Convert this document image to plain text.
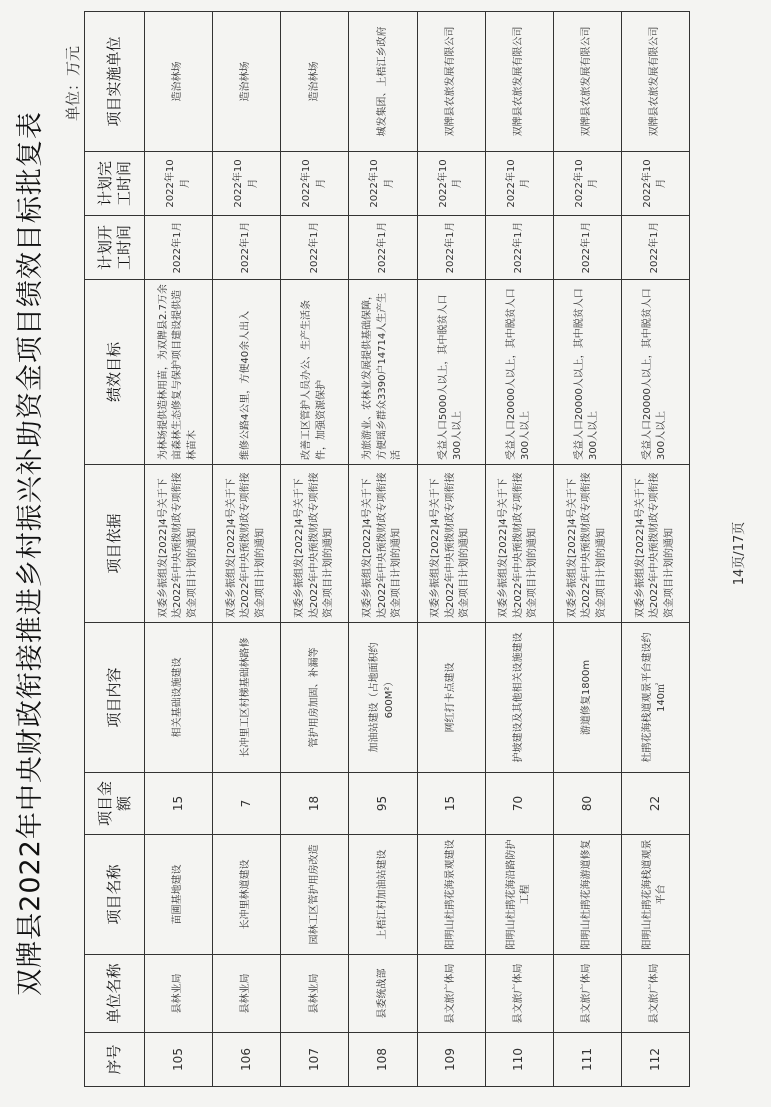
双牌县2022年中央财政衔接推进乡村振兴补助资金项目绩效目标批复表
单位：万元
序号	单位名称	项目名称	项目金额	项目内容	项目依据	绩效目标	计划开工时间	计划完工时间	项目实施单位
105	县林业局	苗圃基地建设	15	相关基础设施建设	双委乡振组发[2022]4号关于下达2022年中央预拨财政专项衔接资金项目计划的通知	为林场提供造林用苗，为双牌县2.7万余亩森林生态修复与保护项目建设提供造林苗木	2022年1月	2022年10月	造治林场
106	县林业局	长冲里林道建设	7	长冲里工区村梯基础林路修	双委乡振组发[2022]4号关于下达2022年中央预拨财政专项衔接资金项目计划的通知	维修公路4公里，方便40余人出入	2022年1月	2022年10月	造治林场
107	县林业局	园林工区管护用房改造	18	管护用房加固、补漏等	双委乡振组发[2022]4号关于下达2022年中央预拨财政专项衔接资金项目计划的通知	改善工区管护人员办公、生产生活条件，加强资源保护	2022年1月	2022年10月	造治林场
108	县委统战部	上梧江村加油站建设	95	加油站建设（占地面积约600M²）	双委乡振组发[2022]4号关于下达2022年中央预拨财政专项衔接资金项目计划的通知	为旅游业、农林业发展提供基础保障，方便瑶乡群众3390户14714人生产生活	2022年1月	2022年10月	城发集团、上梧江乡政府
109	县文旅广体局	阳明山杜鹃花海景观建设	15	网红打卡点建设	双委乡振组发[2022]4号关于下达2022年中央预拨财政专项衔接资金项目计划的通知	受益人口5000人以上，其中脱贫人口300人以上	2022年1月	2022年10月	双牌县农旅发展有限公司
110	县文旅广体局	阳明山杜鹃花海沿路防护工程	70	护坡建设及其他相关设施建设	双委乡振组发[2022]4号关于下达2022年中央预拨财政专项衔接资金项目计划的通知	受益人口20000人以上，其中脱贫人口300人以上	2022年1月	2022年10月	双牌县农旅发展有限公司
111	县文旅广体局	阳明山杜鹃花海游道修复	80	游道修复1800m	双委乡振组发[2022]4号关于下达2022年中央预拨财政专项衔接资金项目计划的通知	受益人口20000人以上，其中脱贫人口300人以上	2022年1月	2022年10月	双牌县农旅发展有限公司
112	县文旅广体局	阳明山杜鹃花海栈道观景平台	22	杜鹃花海栈道观景平台建设约140㎡	双委乡振组发[2022]4号关于下达2022年中央预拨财政专项衔接资金项目计划的通知	受益人口20000人以上，其中脱贫人口300人以上	2022年1月	2022年10月	双牌县农旅发展有限公司
14页/17页
